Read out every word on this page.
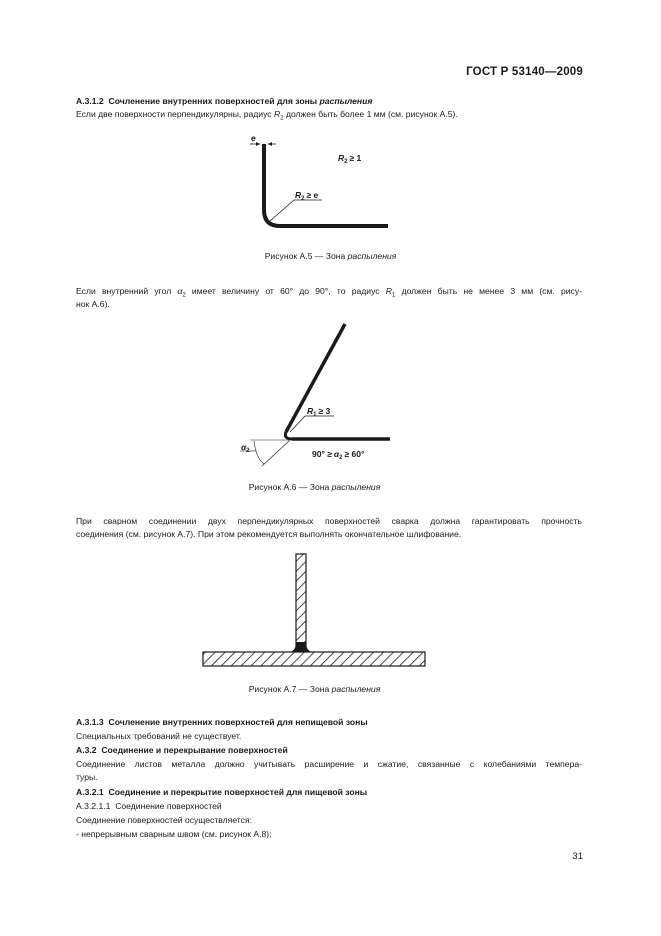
ГОСТ Р 53140—2009
А.3.1.2 Сочленение внутренних поверхностей для зоны распыления
Если две поверхности перпендикулярны, радиус $R_2$ должен быть более 1 мм (см. рисунок А.5).
e
$R_2 \ge e$
$R_2 \ge 1$
Рисунок А.5 — Зона распыления
Если внутренний угол $\alpha_2$ имеет величину от 60° до 90°, то радиус $R_1$ должен быть не менее 3 мм (см. рису-
нок А.6).
$R_1 \ge 3$
$\alpha_2$	$90^\circ \ge \alpha_2 \ge 60^\circ$
Рисунок А.6 — Зона распыления
При сварном соединении двух перпендикулярных поверхностей сварка должна гарантировать прочность
соединения (см. рисунок А.7). При этом рекомендуется выполнять окончательное шлифование.
Рисунок А.7 — Зона распыления
А.3.1.3 Сочленение внутренних поверхностей для непищевой зоны
Специальных требований не существует.
А.3.2 Соединение и перекрывание поверхностей
Соединение листов металла должно учитывать расширение и сжатие, связанные с колебаниями темпера-
туры.
А.3.2.1 Соединение и перекрытие поверхностей для пищевой зоны
А.3.2.1.1 Соединение поверхностей
Соединение поверхностей осуществляется:
- непрерывным сварным швом (см. рисунок А.8);
31
